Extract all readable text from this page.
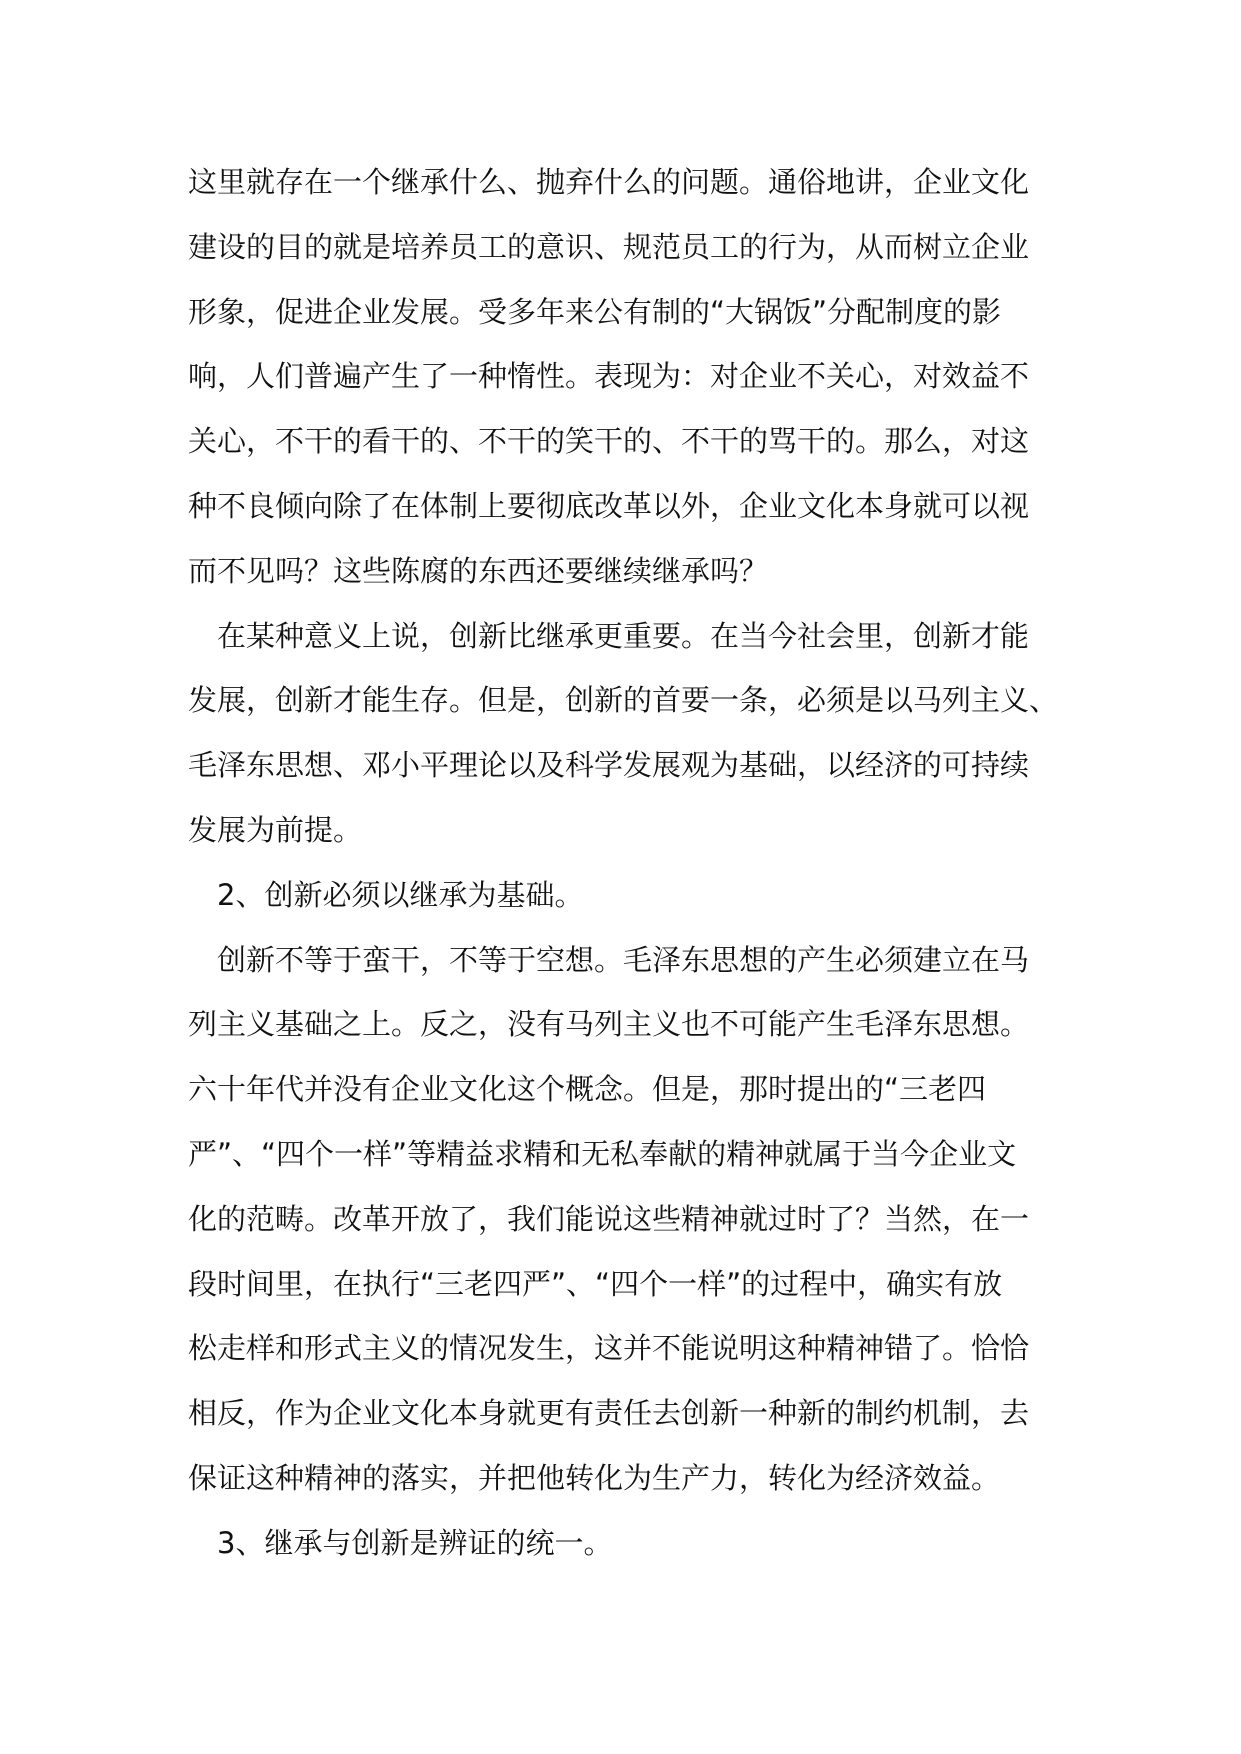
这里就存在一个继承什么、抛弃什么的问题。通俗地讲，企业文化
建设的目的就是培养员工的意识、规范员工的行为，从而树立企业
形象，促进企业发展。受多年来公有制的“大锅饭”分配制度的影
响，人们普遍产生了一种惰性。表现为：对企业不关心，对效益不
关心，不干的看干的、不干的笑干的、不干的骂干的。那么，对这
种不良倾向除了在体制上要彻底改革以外，企业文化本身就可以视
而不见吗？这些陈腐的东西还要继续继承吗？
在某种意义上说，创新比继承更重要。在当今社会里，创新才能
发展，创新才能生存。但是，创新的首要一条，必须是以马列主义、
毛泽东思想、邓小平理论以及科学发展观为基础，以经济的可持续
发展为前提。
2、创新必须以继承为基础。
创新不等于蛮干，不等于空想。毛泽东思想的产生必须建立在马
列主义基础之上。反之，没有马列主义也不可能产生毛泽东思想。
六十年代并没有企业文化这个概念。但是，那时提出的“三老四
严”、“四个一样”等精益求精和无私奉献的精神就属于当今企业文
化的范畴。改革开放了，我们能说这些精神就过时了？当然，在一
段时间里，在执行“三老四严”、“四个一样”的过程中，确实有放
松走样和形式主义的情况发生，这并不能说明这种精神错了。恰恰
相反，作为企业文化本身就更有责任去创新一种新的制约机制，去
保证这种精神的落实，并把他转化为生产力，转化为经济效益。
3、继承与创新是辨证的统一。
